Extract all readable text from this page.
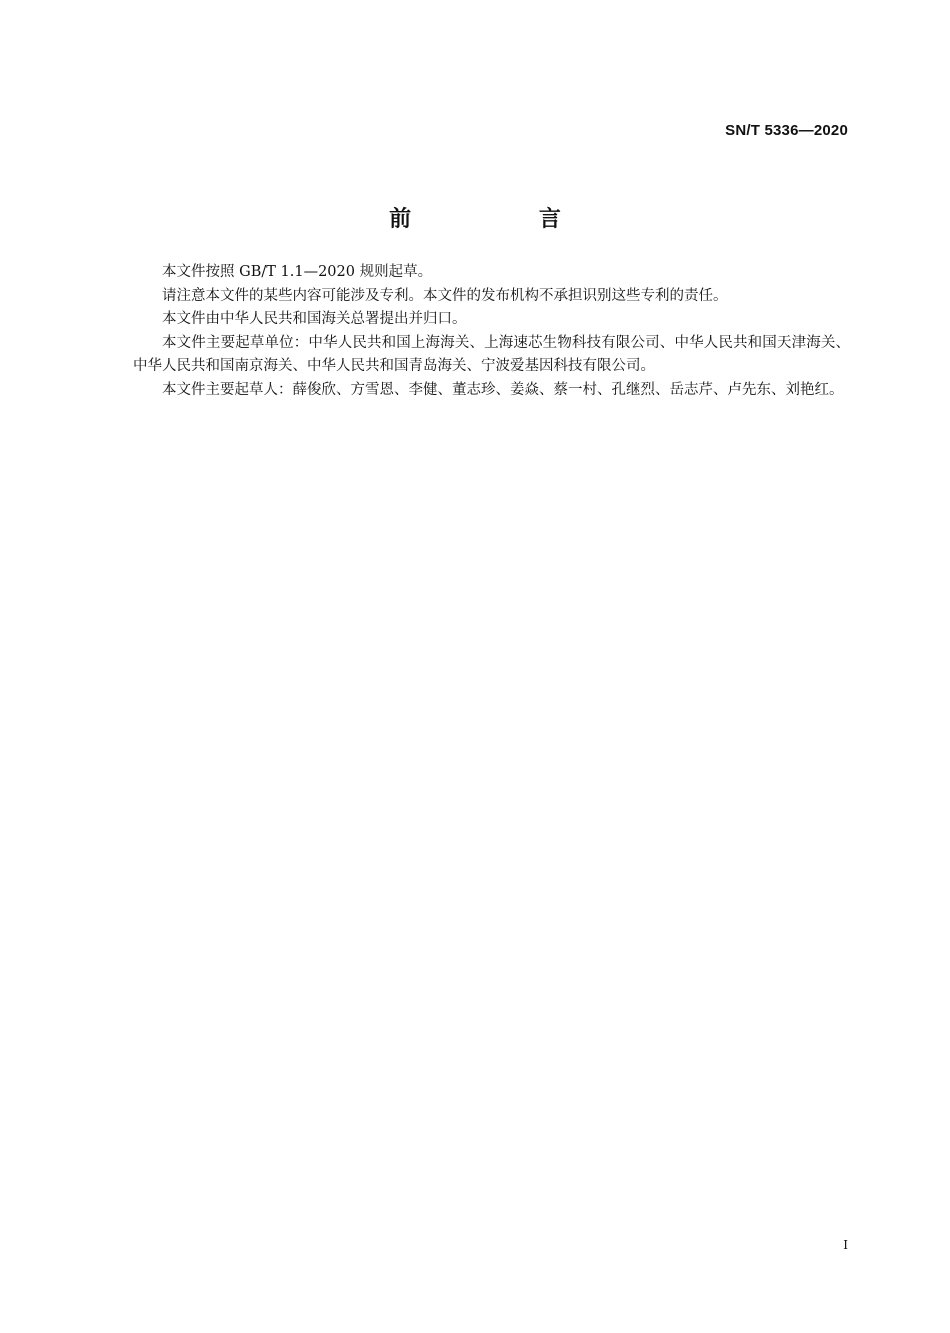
SN/T 5336—2020
前 言

本文件按照 GB/T 1.1—2020 规则起草。

请注意本文件的某些内容可能涉及专利。本文件的发布机构不承担识别这些专利的责任。

本文件由中华人民共和国海关总署提出并归口。

本文件主要起草单位：中华人民共和国上海海关、上海速芯生物科技有限公司、中华人民共和国天津海关、中华人民共和国南京海关、中华人民共和国青岛海关、宁波爱基因科技有限公司。

本文件主要起草人：薛俊欣、方雪恩、李健、董志珍、姜焱、蔡一村、孔继烈、岳志芹、卢先东、刘艳红。

I
